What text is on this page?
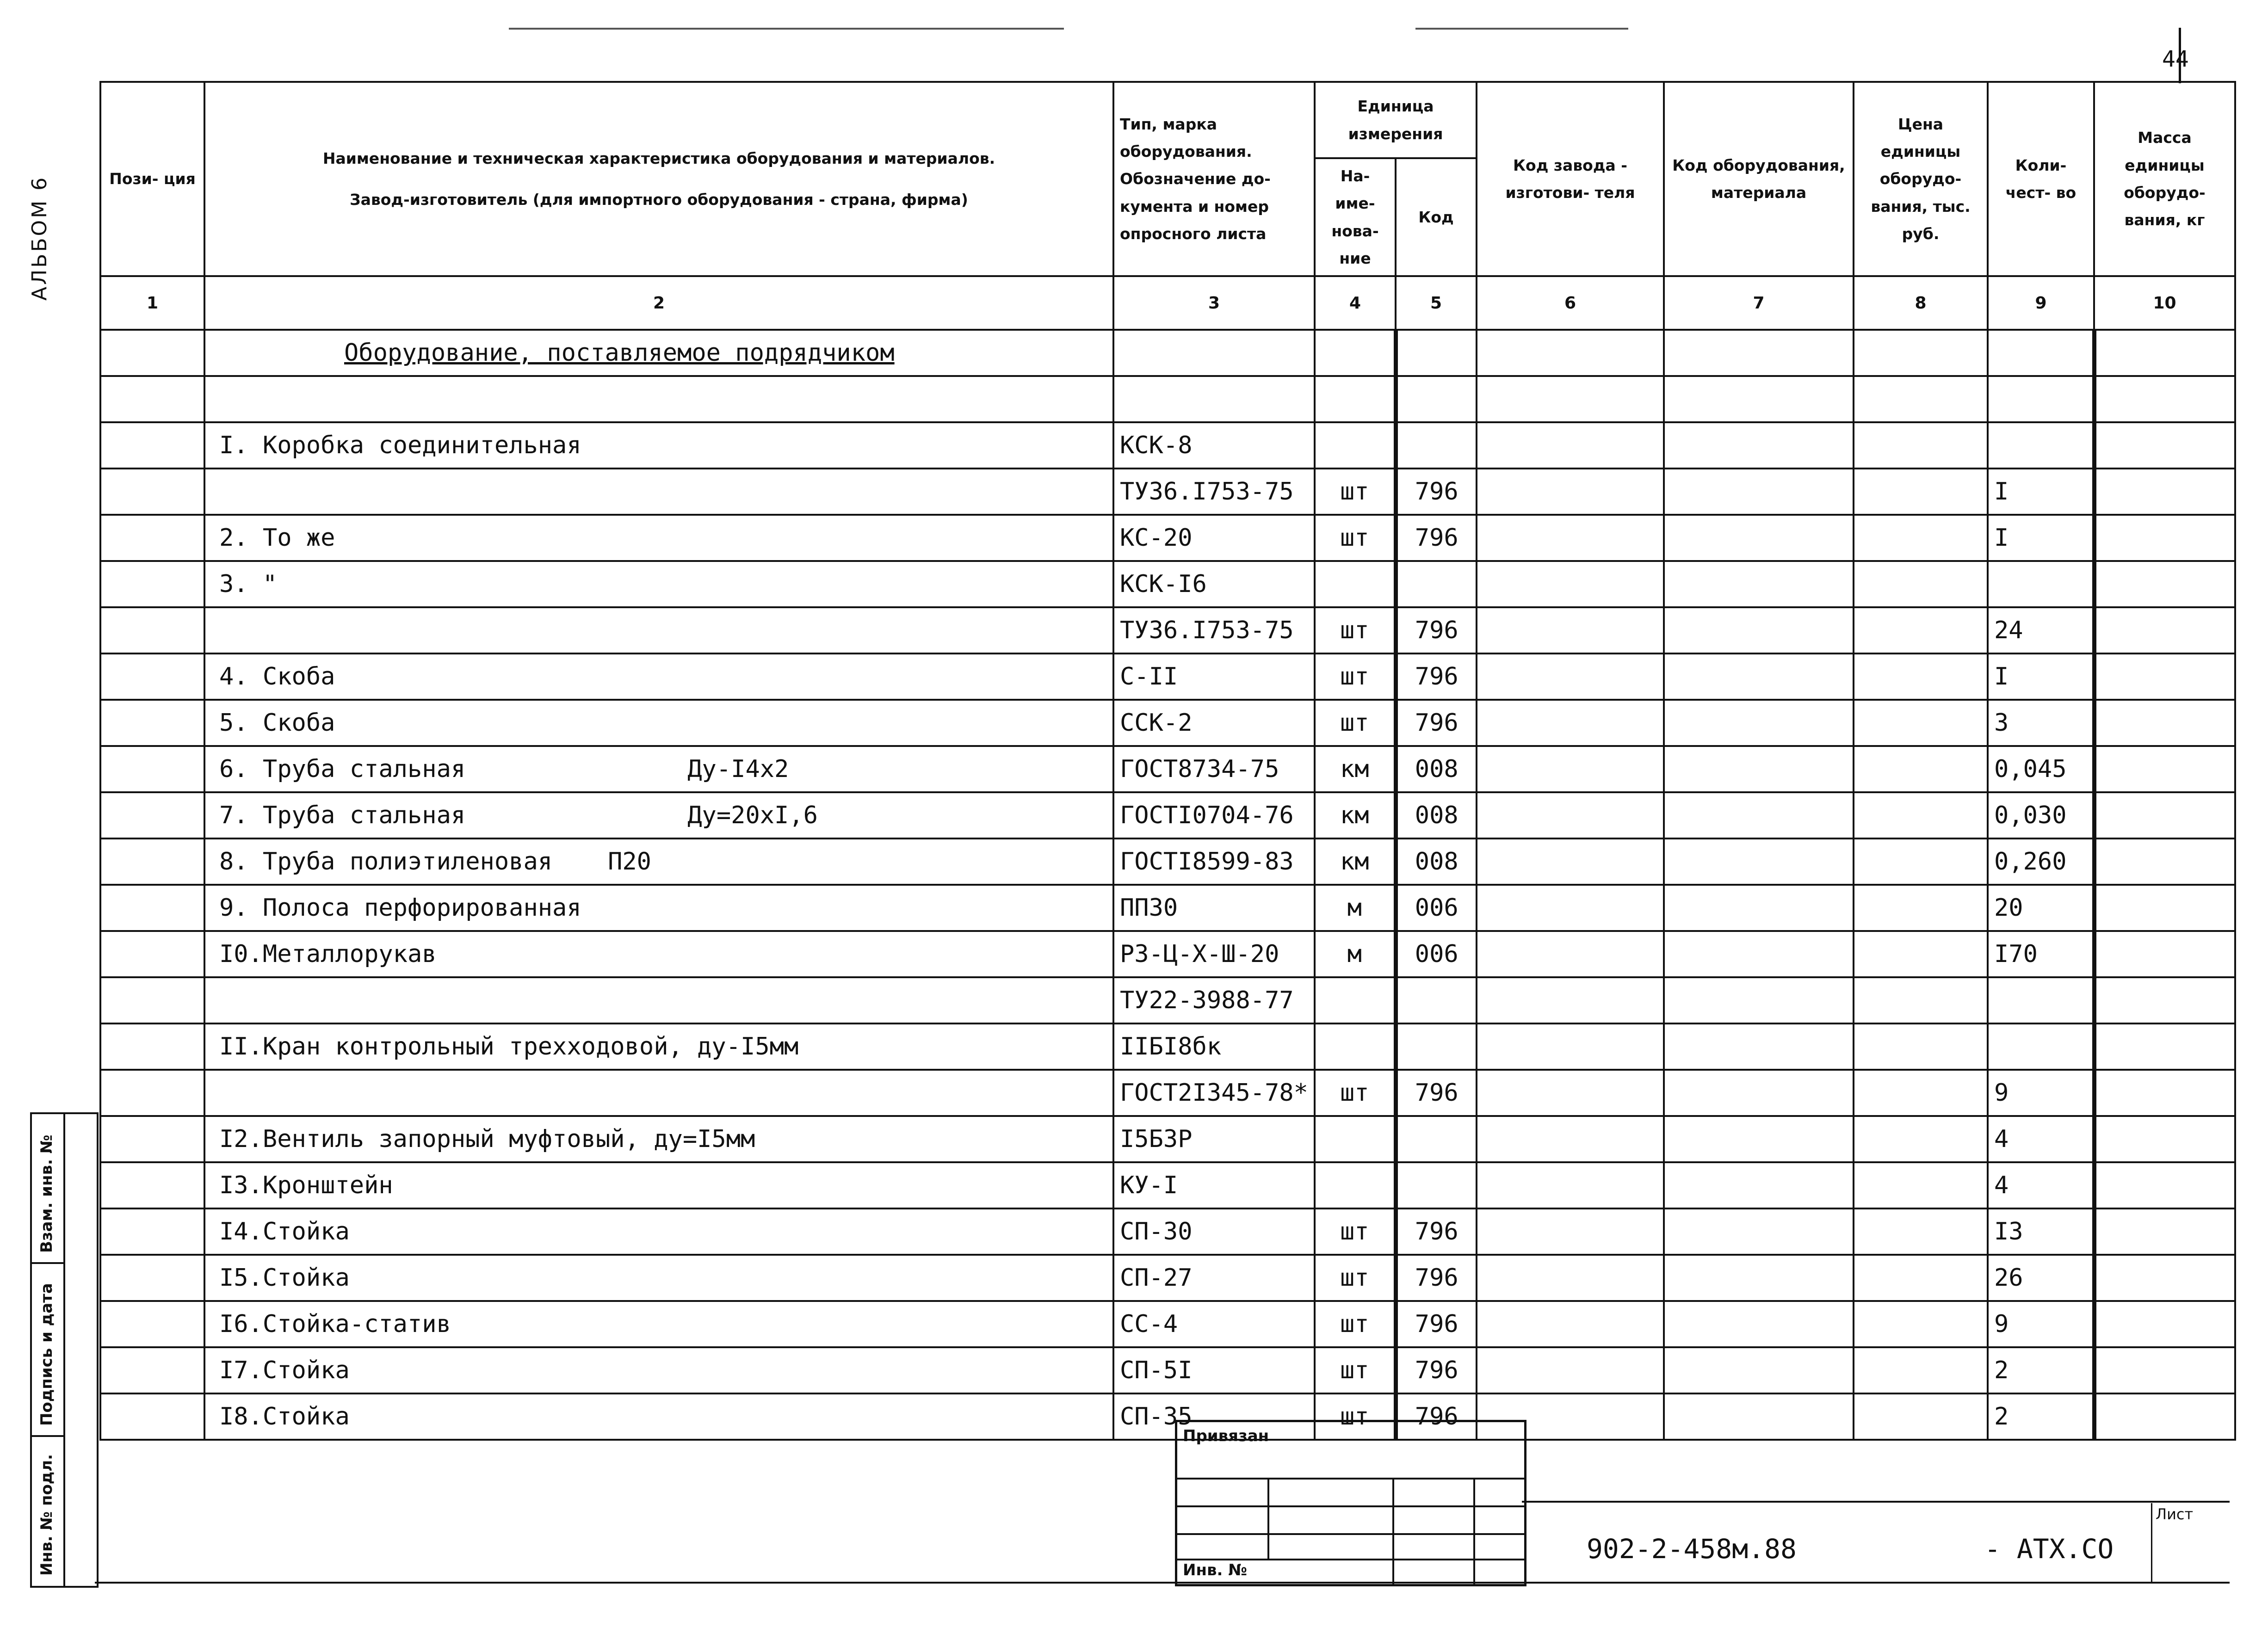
44
АЛЬБОМ 6	Пози- ция	Наименование и техническая характеристика оборудования и материалов.
Завод-изготовитель (для импортного оборудования - страна, фирма)	Тип, марка оборудования. Обозначение до- кумента и номер опросного листа	Единица измерения		Код завода - изготови- теля	Код оборудования, материала	Цена единицы оборудо- вания, тыс. руб.	Коли- чест- во	Масса единицы оборудо- вания, кг
			На- име- нова- ние	Код					
1	2	3	4	5	6	7	8	9	10
	Оборудование, поставляемое подрядчиком								

	I. Коробка соединительная	КСК-8							
		ТУ36.I753-75	шт	796				I	
	2. То же	КС-20	шт	796				I	
	3. "	КСК-I6							
		ТУ36.I753-75	шт	796				24	
	4. Скоба	С-II	шт	796				I	
	5. Скоба	ССК-2	шт	796				3	
	6. Труба стальная Ду-I4х2	ГОСТ8734-75	км	008				0,045	
	7. Труба стальная Ду=20хI,6	ГОСТI0704-76	км	008				0,030	
	8. Труба полиэтиленовая П20	ГОСТI8599-83	км	008				0,260	
	9. Полоса перфорированная	ПП30	м	006				20	
	I0.Металлорукав	Р3-Ц-Х-Ш-20	м	006				I70	
		ТУ22-3988-77							
	II.Кран контрольный трехходовой, ду-I5мм	IIБI8бк							
		ГОСТ2I345-78*	шт	796				9	
	I2.Вентиль запорный муфтовый, ду=I5мм	I5Б3Р						4	
	I3.Кронштейн	КУ-I						4	
	I4.Стойка	СП-30	шт	796				I3	
	I5.Стойка	СП-27	шт	796				26	
	I6.Стойка-статив	СС-4	шт	796				9	
	I7.Стойка	СП-5I	шт	796				2	
	I8.Стойка	СП-35	шт	796				2	
Взам. инв. №
Подпись и дата
Инв. № подл.
Привязан
Инв. №
902-2-458м.88	- АТХ.СО
Лист
